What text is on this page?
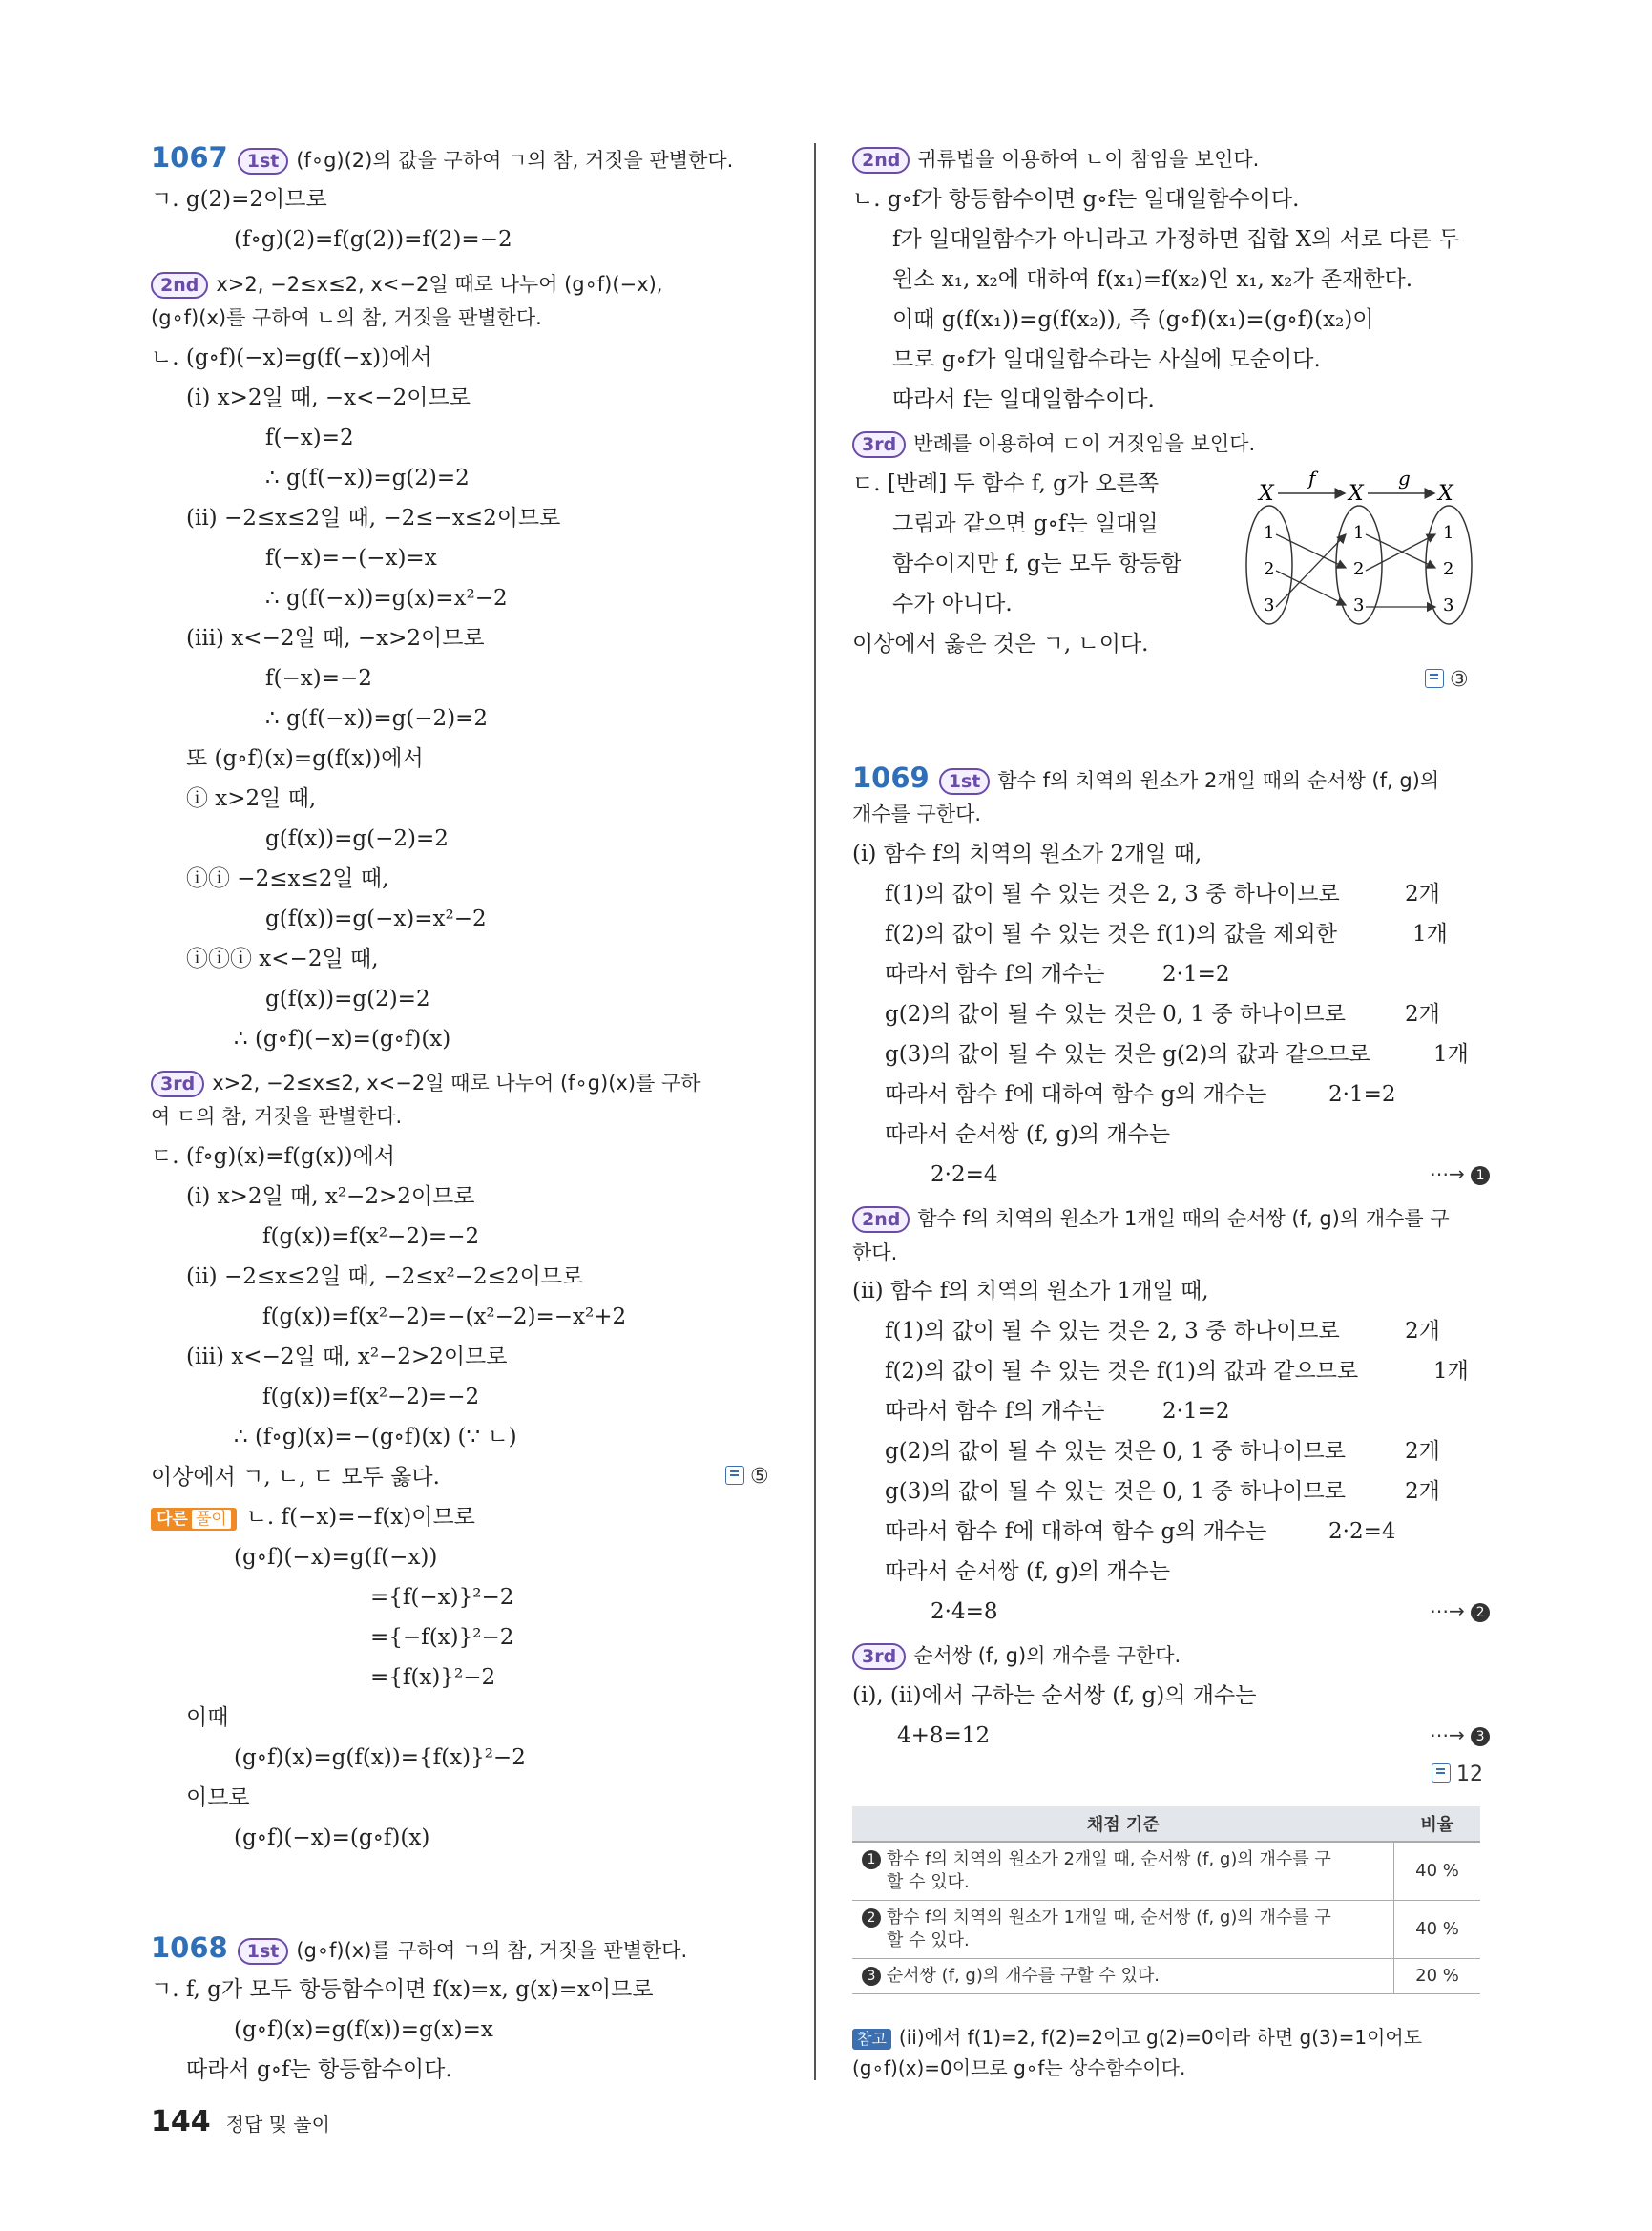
1067 1st (f∘g)(2)의 값을 구하여 ㄱ의 참, 거짓을 판별한다.
ㄱ. g(2)=2이므로
(f∘g)(2)=f(g(2))=f(2)=−2
2nd x>2, −2≤x≤2, x<−2일 때로 나누어 (g∘f)(−x),
(g∘f)(x)를 구하여 ㄴ의 참, 거짓을 판별한다.
ㄴ. (g∘f)(−x)=g(f(−x))에서
(i) x>2일 때, −x<−2이므로
f(−x)=2
∴ g(f(−x))=g(2)=2
(ii) −2≤x≤2일 때, −2≤−x≤2이므로
f(−x)=−(−x)=x
∴ g(f(−x))=g(x)=x²−2
(iii) x<−2일 때, −x>2이므로
f(−x)=−2
∴ g(f(−x))=g(−2)=2
또 (g∘f)(x)=g(f(x))에서
ⓘ x>2일 때,
g(f(x))=g(−2)=2
ⓘⓘ −2≤x≤2일 때,
g(f(x))=g(−x)=x²−2
ⓘⓘⓘ x<−2일 때,
g(f(x))=g(2)=2
∴ (g∘f)(−x)=(g∘f)(x)
3rd x>2, −2≤x≤2, x<−2일 때로 나누어 (f∘g)(x)를 구하
여 ㄷ의 참, 거짓을 판별한다.
ㄷ. (f∘g)(x)=f(g(x))에서
(i) x>2일 때, x²−2>2이므로
f(g(x))=f(x²−2)=−2
(ii) −2≤x≤2일 때, −2≤x²−2≤2이므로
f(g(x))=f(x²−2)=−(x²−2)=−x²+2
(iii) x<−2일 때, x²−2>2이므로
f(g(x))=f(x²−2)=−2
∴ (f∘g)(x)=−(g∘f)(x) (∵ ㄴ)
이상에서 ㄱ, ㄴ, ㄷ 모두 옳다.	⑤
다른 풀이 ㄴ. f(−x)=−f(x)이므로
(g∘f)(−x)=g(f(−x))
={f(−x)}²−2
={−f(x)}²−2
={f(x)}²−2
이때
(g∘f)(x)=g(f(x))={f(x)}²−2
이므로
(g∘f)(−x)=(g∘f)(x)
1068 1st (g∘f)(x)를 구하여 ㄱ의 참, 거짓을 판별한다.
ㄱ. f, g가 모두 항등함수이면 f(x)=x, g(x)=x이므로
(g∘f)(x)=g(f(x))=g(x)=x
따라서 g∘f는 항등함수이다.
2nd 귀류법을 이용하여 ㄴ이 참임을 보인다.
ㄴ. g∘f가 항등함수이면 g∘f는 일대일함수이다.
f가 일대일함수가 아니라고 가정하면 집합 X의 서로 다른 두
원소 x₁, x₂에 대하여 f(x₁)=f(x₂)인 x₁, x₂가 존재한다.
이때 g(f(x₁))=g(f(x₂)), 즉 (g∘f)(x₁)=(g∘f)(x₂)이
므로 g∘f가 일대일함수라는 사실에 모순이다.
따라서 f는 일대일함수이다.
3rd 반례를 이용하여 ㄷ이 거짓임을 보인다.
ㄷ. [반례] 두 함수 f, g가 오른쪽
그림과 같으면 g∘f는 일대일
함수이지만 f, g는 모두 항등함
수가 아니다.
이상에서 옳은 것은 ㄱ, ㄴ이다.
X	X	X
f	g
1
2
3
1
2
3
1
2
3
③
1069 1st 함수 f의 치역의 원소가 2개일 때의 순서쌍 (f, g)의
개수를 구한다.
(i) 함수 f의 치역의 원소가 2개일 때,
f(1)의 값이 될 수 있는 것은 2, 3 중 하나이므로	2개
f(2)의 값이 될 수 있는 것은 f(1)의 값을 제외한	1개
따라서 함수 f의 개수는	2·1=2
g(2)의 값이 될 수 있는 것은 0, 1 중 하나이므로	2개
g(3)의 값이 될 수 있는 것은 g(2)의 값과 같으므로	1개
따라서 함수 f에 대하여 함수 g의 개수는	2·1=2
따라서 순서쌍 (f, g)의 개수는
2·2=4	⋯→ 1
2nd 함수 f의 치역의 원소가 1개일 때의 순서쌍 (f, g)의 개수를 구
한다.
(ii) 함수 f의 치역의 원소가 1개일 때,
f(1)의 값이 될 수 있는 것은 2, 3 중 하나이므로	2개
f(2)의 값이 될 수 있는 것은 f(1)의 값과 같으므로	1개
따라서 함수 f의 개수는	2·1=2
g(2)의 값이 될 수 있는 것은 0, 1 중 하나이므로	2개
g(3)의 값이 될 수 있는 것은 0, 1 중 하나이므로	2개
따라서 함수 f에 대하여 함수 g의 개수는	2·2=4
따라서 순서쌍 (f, g)의 개수는
2·4=8	⋯→ 2
3rd 순서쌍 (f, g)의 개수를 구한다.
(i), (ii)에서 구하는 순서쌍 (f, g)의 개수는
4+8=12	⋯→ 3
12
채점 기준	비율
1 함수 f의 치역의 원소가 2개일 때, 순서쌍 (f, g)의 개수를 구
할 수 있다.	40 %
2 함수 f의 치역의 원소가 1개일 때, 순서쌍 (f, g)의 개수를 구
할 수 있다.	40 %
3 순서쌍 (f, g)의 개수를 구할 수 있다.	20 %
참고 (ii)에서 f(1)=2, f(2)=2이고 g(2)=0이라 하면 g(3)=1이어도
(g∘f)(x)=0이므로 g∘f는 상수함수이다.
144 정답 및 풀이
